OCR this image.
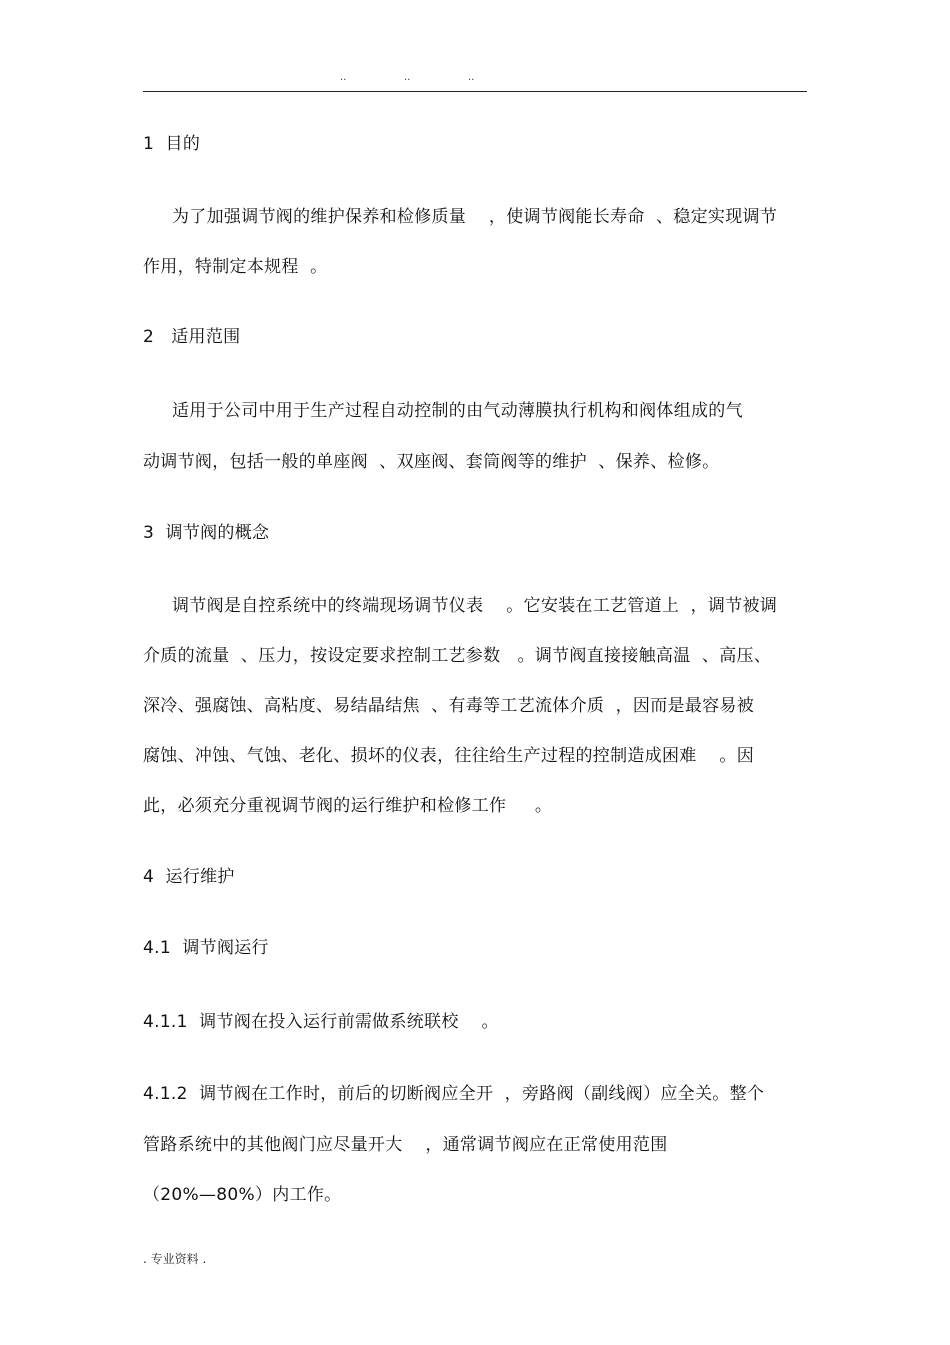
..	..	..
1  目的
为了加强调节阀的维护保养和检修质量    ，使调节阀能长寿命  、稳定实现调节
作用，特制定本规程  。
2   适用范围
适用于公司中用于生产过程自动控制的由气动薄膜执行机构和阀体组成的气
动调节阀，包括一般的单座阀  、双座阀、套筒阀等的维护  、保养、检修。
3  调节阀的概念
调节阀是自控系统中的终端现场调节仪表    。它安装在工艺管道上  ，调节被调
介质的流量  、压力，按设定要求控制工艺参数   。调节阀直接接触高温  、高压、
深冷、强腐蚀、高粘度、易结晶结焦  、有毒等工艺流体介质  ，因而是最容易被
腐蚀、冲蚀、气蚀、老化、损坏的仪表，往往给生产过程的控制造成困难    。因
此，必须充分重视调节阀的运行维护和检修工作     。
4  运行维护
4.1  调节阀运行
4.1.1  调节阀在投入运行前需做系统联校    。
4.1.2  调节阀在工作时，前后的切断阀应全开  ，旁路阀（副线阀）应全关。整个
管路系统中的其他阀门应尽量开大    ，通常调节阀应在正常使用范围
（20%—80%）内工作。
. 专业资料 .
